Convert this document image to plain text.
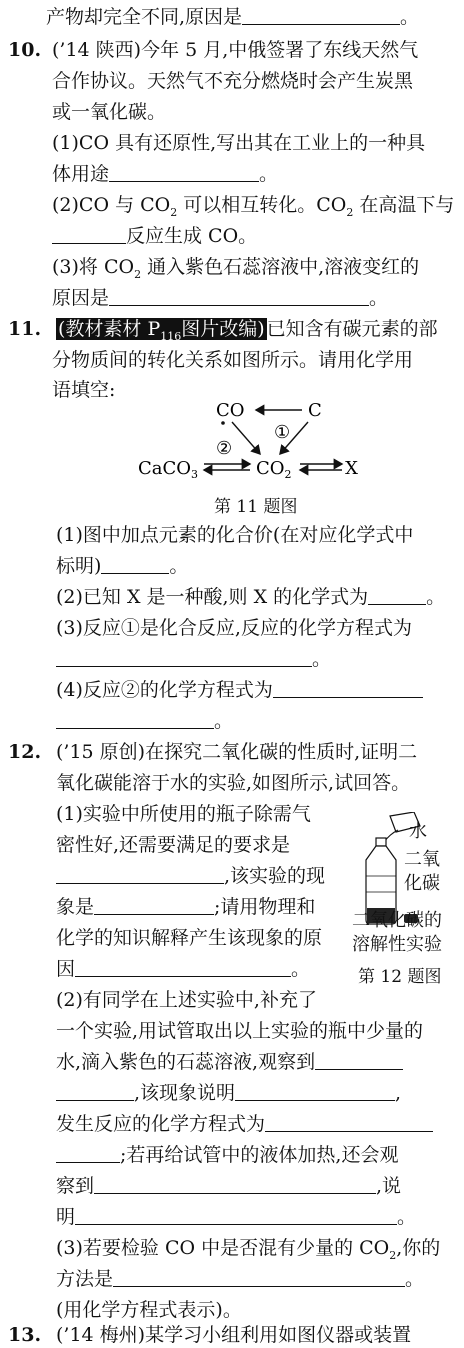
产物却完全不同,原因是	。
10. (’14 陕西)今年 5 月,中俄签署了东线天然气
合作协议。天然气不充分燃烧时会产生炭黑
或一氧化碳。
(1)CO 具有还原性,写出其在工业上的一种具
体用途	。
(2)CO 与 $CO_2$ 可以相互转化。$CO_2$ 在高温下与
反应生成 CO。
(3)将 $CO_2$ 通入紫色石蕊溶液中,溶液变红的
原因是	。
11. (教材素材 $P_{116}$图片改编) 已知含有碳元素的部
分物质间的转化关系如图所示。请用化学用
语填空:
CO	C
CaCO$_3$	$CO_2$	X
②
①
第 11 题图
(1)图中加点元素的化合价(在对应化学式中
标明)	。
(2)已知 X 是一种酸,则 X 的化学式为	。
(3)反应①是化合反应,反应的化学方程式为
。
(4)反应②的化学方程式为
。
12. (’15 原创)在探究二氧化碳的性质时,证明二
氧化碳能溶于水的实验,如图所示,试回答。
(1)实验中所使用的瓶子除需气
密性好,还需要满足的要求是
,该实验的现
象是	;请用物理和
化学的知识解释产生该现象的原
因	。
水
二氧
化碳
二氧化碳的
溶解性实验
第 12 题图
(2)有同学在上述实验中,补充了
一个实验,用试管取出以上实验的瓶中少量的
水,滴入紫色的石蕊溶液,观察到
,该现象说明	,
发生反应的化学方程式为
;若再给试管中的液体加热,还会观
察到	,说
明	。
(3)若要检验 CO 中是否混有少量的 $CO_2$,你的
方法是	。
(用化学方程式表示)。
13. (’14 梅州)某学习小组利用如图仪器或装置
